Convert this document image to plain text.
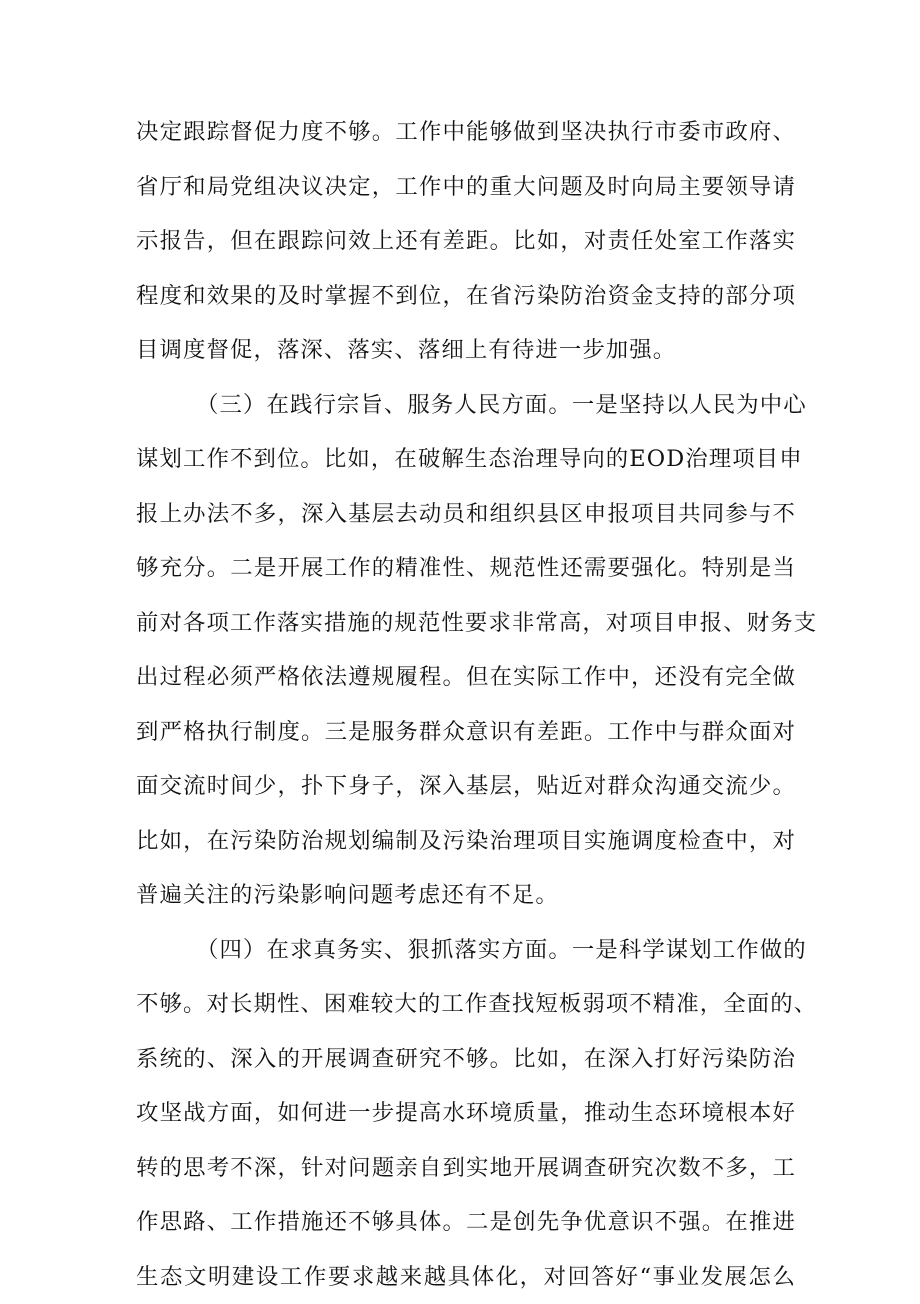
决定跟踪督促力度不够。工作中能够做到坚决执行市委市政府、
省厅和局党组决议决定，工作中的重大问题及时向局主要领导请
示报告，但在跟踪问效上还有差距。比如，对责任处室工作落实
程度和效果的及时掌握不到位，在省污染防治资金支持的部分项
目调度督促，落深、落实、落细上有待进一步加强。
（三）在践行宗旨、服务人民方面。一是坚持以人民为中心
谋划工作不到位。比如，在破解生态治理导向的EOD治理项目申
报上办法不多，深入基层去动员和组织县区申报项目共同参与不
够充分。二是开展工作的精准性、规范性还需要强化。特别是当
前对各项工作落实措施的规范性要求非常高，对项目申报、财务支
出过程必须严格依法遵规履程。但在实际工作中，还没有完全做
到严格执行制度。三是服务群众意识有差距。工作中与群众面对
面交流时间少，扑下身子，深入基层，贴近对群众沟通交流少。
比如，在污染防治规划编制及污染治理项目实施调度检查中，对
普遍关注的污染影响问题考虑还有不足。
（四）在求真务实、狠抓落实方面。一是科学谋划工作做的
不够。对长期性、困难较大的工作查找短板弱项不精准，全面的、
系统的、深入的开展调查研究不够。比如，在深入打好污染防治
攻坚战方面，如何进一步提高水环境质量，推动生态环境根本好
转的思考不深，针对问题亲自到实地开展调查研究次数不多，工
作思路、工作措施还不够具体。二是创先争优意识不强。在推进
生态文明建设工作要求越来越具体化，对回答好“事业发展怎么
